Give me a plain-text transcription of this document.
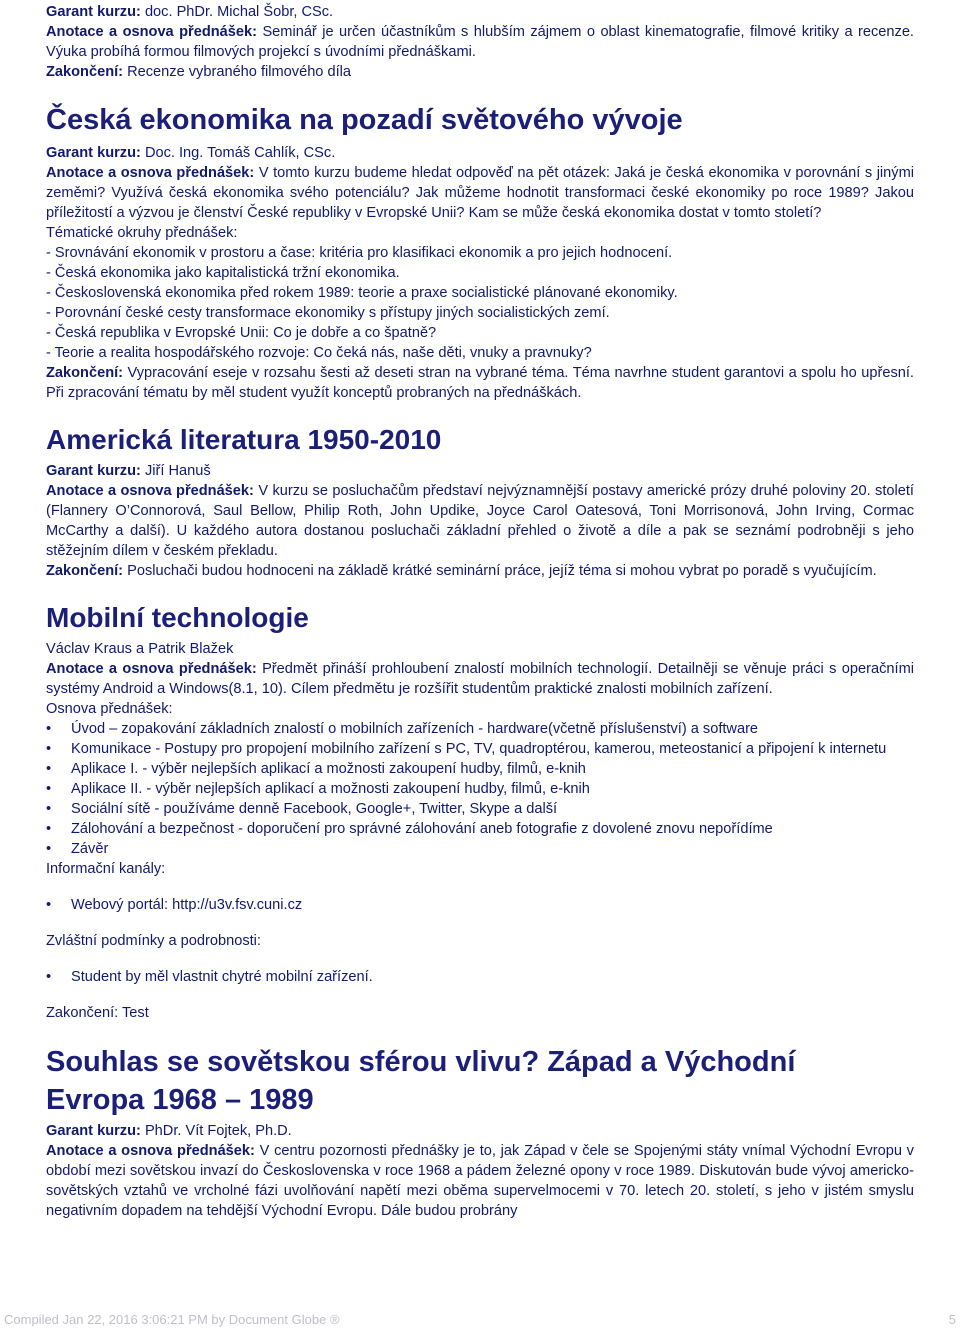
Garant kurzu: doc. PhDr. Michal Šobr, CSc.

Anotace a osnova přednášek: Seminář je určen účastníkům s hlubším zájmem o oblast kinematografie, filmové kritiky a recenze. Výuka probíhá formou filmových projekcí s úvodními přednáškami.

Zakončení: Recenze vybraného filmového díla

Česká ekonomika na pozadí světového vývoje

Garant kurzu: Doc. Ing. Tomáš Cahlík, CSc.

Anotace a osnova přednášek: V tomto kurzu budeme hledat odpověď na pět otázek: Jaká je česká ekonomika v porovnání s jinými zeměmi? Využívá česká ekonomika svého potenciálu? Jak můžeme hodnotit transformaci české ekonomiky po roce 1989? Jakou příležitostí a výzvou je členství České republiky v Evropské Unii? Kam se může česká ekonomika dostat v tomto století?

Tématické okruhy přednášek:

- Srovnávání ekonomik v prostoru a čase: kritéria pro klasifikaci ekonomik a pro jejich hodnocení.

- Česká ekonomika jako kapitalistická tržní ekonomika.

- Československá ekonomika před rokem 1989: teorie a praxe socialistické plánované ekonomiky.

- Porovnání české cesty transformace ekonomiky s přístupy jiných socialistických zemí.

- Česká republika v Evropské Unii: Co je dobře a co špatně?

- Teorie a realita hospodářského rozvoje: Co čeká nás, naše děti, vnuky a pravnuky?

Zakončení: Vypracování eseje v rozsahu šesti až deseti stran na vybrané téma. Téma navrhne student garantovi a spolu ho upřesní. Při zpracování tématu by měl student využít konceptů probraných na přednáškách.

Americká literatura 1950-2010

Garant kurzu: Jiří Hanuš

Anotace a osnova přednášek: V kurzu se posluchačům představí nejvýznamnější postavy americké prózy druhé poloviny 20. století (Flannery O’Connorová, Saul Bellow, Philip Roth, John Updike, Joyce Carol Oatesová, Toni Morrisonová, John Irving, Cormac McCarthy a další). U každého autora dostanou posluchači základní přehled o životě a díle a pak se seznámí podrobněji s jeho stěžejním dílem v českém překladu.

Zakončení: Posluchači budou hodnoceni na základě krátké seminární práce, jejíž téma si mohou vybrat po poradě s vyučujícím.

Mobilní technologie

Václav Kraus a Patrik Blažek

Anotace a osnova přednášek: Předmět přináší prohloubení znalostí mobilních technologií. Detailněji se věnuje práci s operačními systémy Android a Windows(8.1, 10). Cílem předmětu je rozšířit studentům praktické znalosti mobilních zařízení.

Osnova přednášek:

• Úvod – zopakování základních znalostí o mobilních zařízeních - hardware(včetně příslušenství) a software
• Komunikace - Postupy pro propojení mobilního zařízení s PC, TV, quadroptérou, kamerou, meteostanicí a připojení k internetu
• Aplikace I. - výběr nejlepších aplikací a možnosti zakoupení hudby, filmů, e-knih
• Aplikace II. - výběr nejlepších aplikací a možnosti zakoupení hudby, filmů, e-knih
• Sociální sítě - používáme denně Facebook, Google+, Twitter, Skype a další
• Zálohování a bezpečnost - doporučení pro správné zálohování aneb fotografie z dovolené znovu nepořídíme
• Závěr

Informační kanály:

• Webový portál: http://u3v.fsv.cuni.cz

Zvláštní podmínky a podrobnosti:

• Student by měl vlastnit chytré mobilní zařízení.

Zakončení: Test

Souhlas se sovětskou sférou vlivu? Západ a Východní
Evropa 1968 – 1989

Garant kurzu: PhDr. Vít Fojtek, Ph.D.

Anotace a osnova přednášek: V centru pozornosti přednášky je to, jak Západ v čele se Spojenými státy vnímal Východní Evropu v období mezi sovětskou invazí do Československa v roce 1968 a pádem železné opony v roce 1989. Diskutován bude vývoj americko-sovětských vztahů ve vrcholné fázi uvolňování napětí mezi oběma supervelmocemi v 70. letech 20. století, s jeho v jistém smyslu negativním dopadem na tehdější Východní Evropu. Dále budou probrány

Compiled Jan 22, 2016 3:06:21 PM by Document Globe ®	5
